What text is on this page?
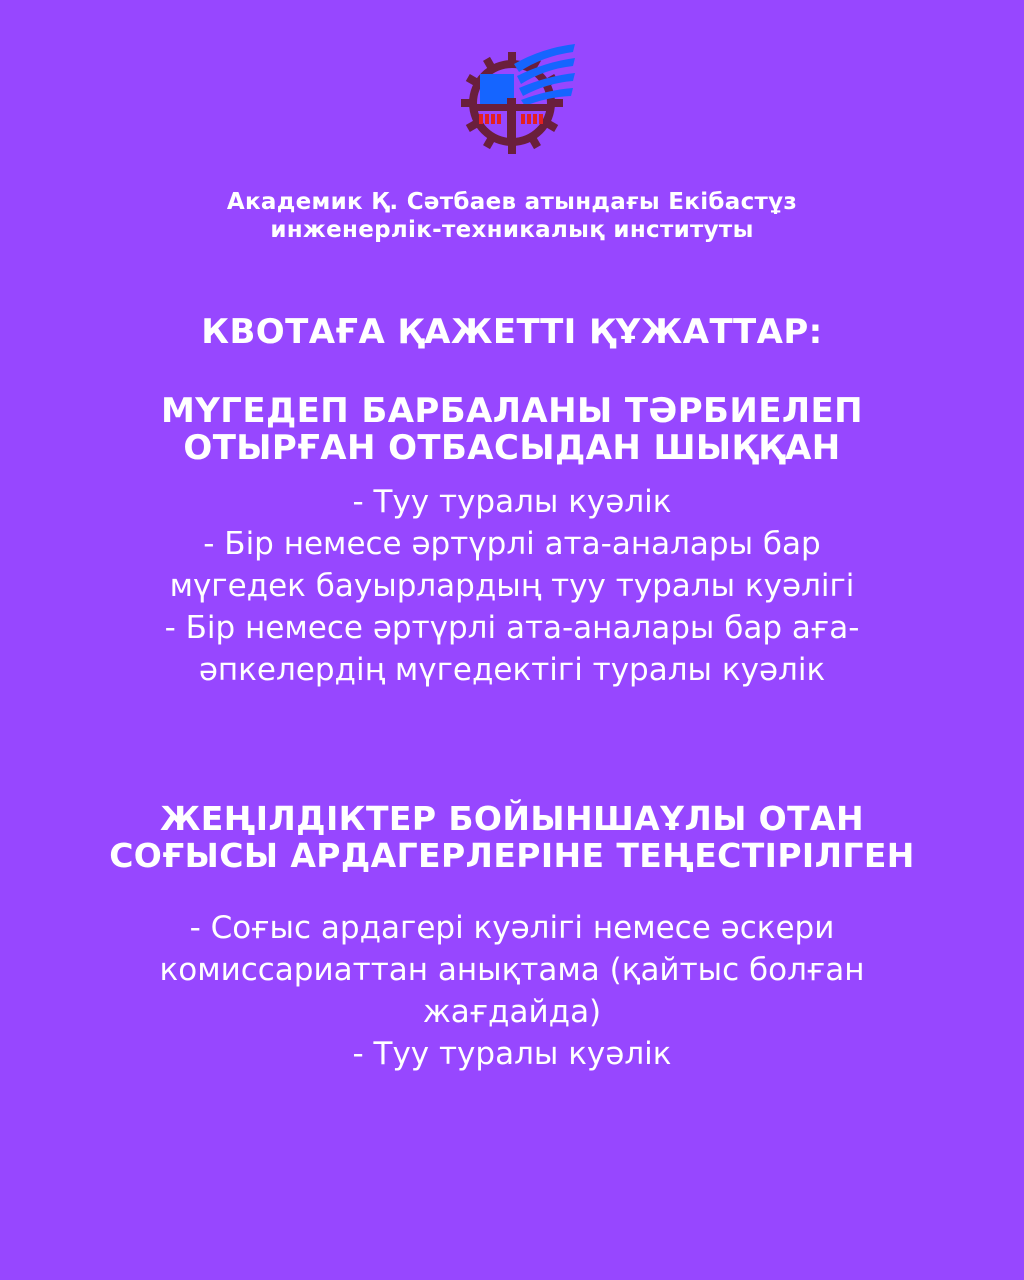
Академик Қ. Сәтбаев атындағы Екібастұз
инженерлік-техникалық институты
КВОТАҒА ҚАЖЕТТІ ҚҰЖАТТАР:
МҮГЕДЕП БАРБАЛАНЫ ТӘРБИЕЛЕП
ОТЫРҒАН ОТБАСЫДАН ШЫҚҚАН
- Туу туралы куәлік
- Бір немесе әртүрлі ата-аналары бар
мүгедек бауырлардың туу туралы куәлігі
- Бір немесе әртүрлі ата-аналары бар аға-
әпкелердің мүгедектігі туралы куәлік
ЖЕҢІЛДІКТЕР БОЙЫНШАҰЛЫ ОТАН
СОҒЫСЫ АРДАГЕРЛЕРІНЕ ТЕҢЕСТІРІЛГЕН
- Соғыс ардагері куәлігі немесе әскери
комиссариаттан анықтама (қайтыс болған
жағдайда)
- Туу туралы куәлік
